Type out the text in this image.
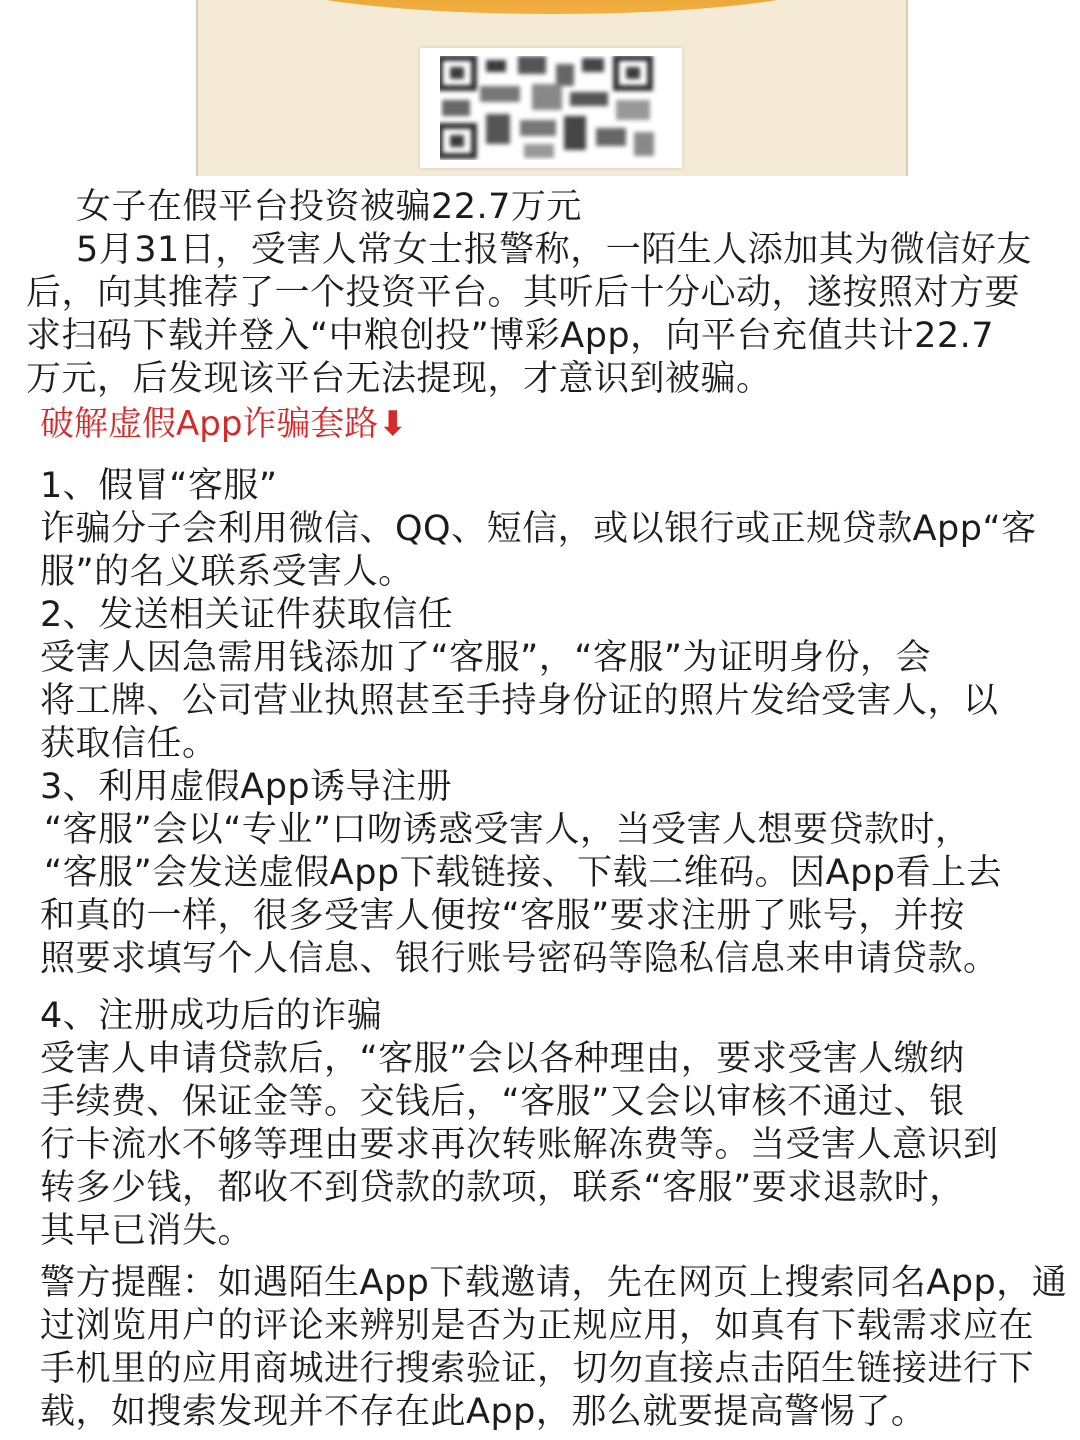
女子在假平台投资被骗22.7万元
5月31日，受害人常女士报警称，一陌生人添加其为微信好友
后，向其推荐了一个投资平台。其听后十分心动，遂按照对方要
求扫码下载并登入“中粮创投”博彩App，向平台充值共计22.7
万元，后发现该平台无法提现，才意识到被骗。
破解虚假App诈骗套路⬇
1、假冒“客服”
诈骗分子会利用微信、QQ、短信，或以银行或正规贷款App“客
服”的名义联系受害人。
2、发送相关证件获取信任
受害人因急需用钱添加了“客服”，“客服”为证明身份，会
将工牌、公司营业执照甚至手持身份证的照片发给受害人，以
获取信任。
3、利用虚假App诱导注册
“客服”会以“专业”口吻诱惑受害人，当受害人想要贷款时，
“客服”会发送虚假App下载链接、下载二维码。因App看上去
和真的一样，很多受害人便按“客服”要求注册了账号，并按
照要求填写个人信息、银行账号密码等隐私信息来申请贷款。
4、注册成功后的诈骗
受害人申请贷款后，“客服”会以各种理由，要求受害人缴纳
手续费、保证金等。交钱后，“客服”又会以审核不通过、银
行卡流水不够等理由要求再次转账解冻费等。当受害人意识到
转多少钱，都收不到贷款的款项，联系“客服”要求退款时，
其早已消失。
警方提醒：如遇陌生App下载邀请，先在网页上搜索同名App，通
过浏览用户的评论来辨别是否为正规应用，如真有下载需求应在
手机里的应用商城进行搜索验证，切勿直接点击陌生链接进行下
载，如搜索发现并不存在此App，那么就要提高警惕了。
